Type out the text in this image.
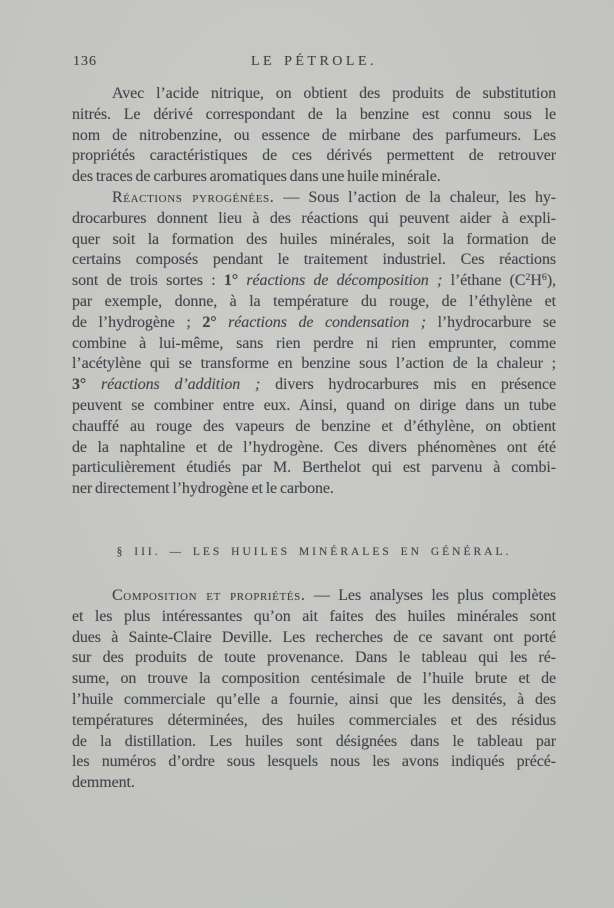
136	LE PÉTROLE.
Avec l’acide nitrique, on obtient des produits de substitution
nitrés. Le dérivé correspondant de la benzine est connu sous le
nom de nitrobenzine, ou essence de mirbane des parfumeurs. Les
propriétés caractéristiques de ces dérivés permettent de retrouver
des traces de carbures aromatiques dans une huile minérale.
Réactions pyrogénées. — Sous l’action de la chaleur, les hy-
drocarbures donnent lieu à des réactions qui peuvent aider à expli-
quer soit la formation des huiles minérales, soit la formation de
certains composés pendant le traitement industriel. Ces réactions
sont de trois sortes : 1° réactions de décomposition ; l’éthane $(C^2H^6)$,
par exemple, donne, à la température du rouge, de l’éthylène et
de l’hydrogène ; 2° réactions de condensation ; l’hydrocarbure se
combine à lui-même, sans rien perdre ni rien emprunter, comme
l’acétylène qui se transforme en benzine sous l’action de la chaleur ;
3° réactions d’addition ; divers hydrocarbures mis en présence
peuvent se combiner entre eux. Ainsi, quand on dirige dans un tube
chauffé au rouge des vapeurs de benzine et d’éthylène, on obtient
de la naphtaline et de l’hydrogène. Ces divers phénomènes ont été
particulièrement étudiés par M. Berthelot qui est parvenu à combi-
ner directement l’hydrogène et le carbone.
§ III. — LES HUILES MINÉRALES EN GÉNÉRAL.
Composition et propriétés. — Les analyses les plus complètes
et les plus intéressantes qu’on ait faites des huiles minérales sont
dues à Sainte-Claire Deville. Les recherches de ce savant ont porté
sur des produits de toute provenance. Dans le tableau qui les ré-
sume, on trouve la composition centésimale de l’huile brute et de
l’huile commerciale qu’elle a fournie, ainsi que les densités, à des
températures déterminées, des huiles commerciales et des résidus
de la distillation. Les huiles sont désignées dans le tableau par
les numéros d’ordre sous lesquels nous les avons indiqués précé-
demment.
